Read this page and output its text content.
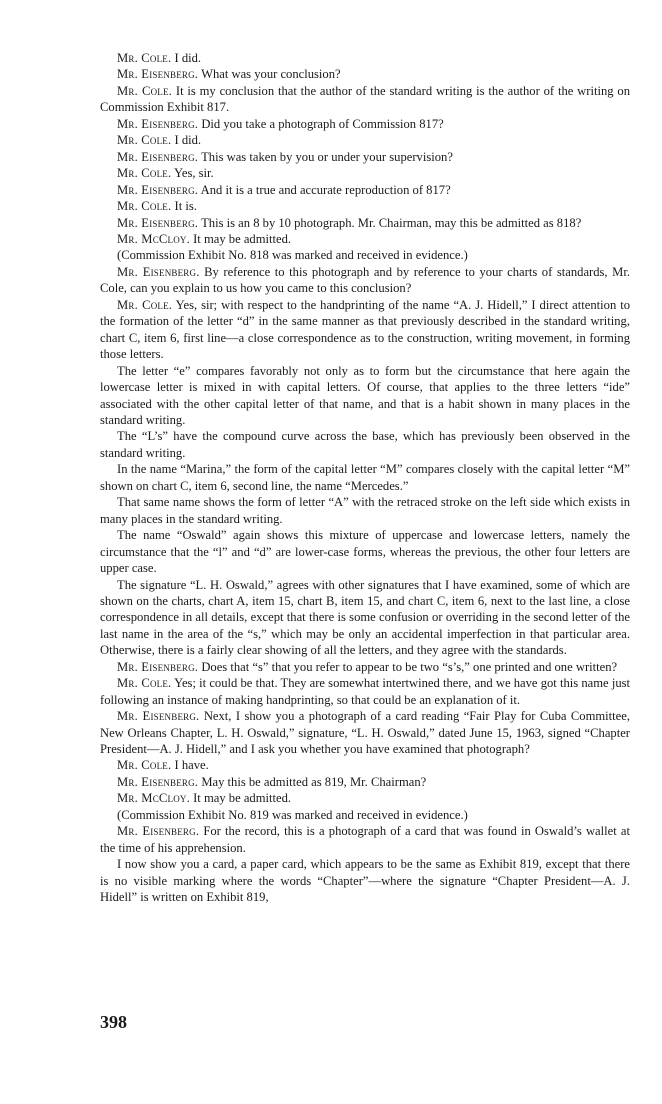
Mr. Cole. I did.

Mr. Eisenberg. What was your conclusion?

Mr. Cole. It is my conclusion that the author of the standard writing is the author of the writing on Commission Exhibit 817.

Mr. Eisenberg. Did you take a photograph of Commission 817?

Mr. Cole. I did.

Mr. Eisenberg. This was taken by you or under your supervision?

Mr. Cole. Yes, sir.

Mr. Eisenberg. And it is a true and accurate reproduction of 817?

Mr. Cole. It is.

Mr. Eisenberg. This is an 8 by 10 photograph. Mr. Chairman, may this be admitted as 818?

Mr. McCloy. It may be admitted.

(Commission Exhibit No. 818 was marked and received in evidence.)

Mr. Eisenberg. By reference to this photograph and by reference to your charts of standards, Mr. Cole, can you explain to us how you came to this conclusion?

Mr. Cole. Yes, sir; with respect to the handprinting of the name “A. J. Hidell,” I direct attention to the formation of the letter “d” in the same manner as that previously described in the standard writing, chart C, item 6, first line—a close correspondence as to the construction, writing movement, in forming those letters.

The letter “e” compares favorably not only as to form but the circumstance that here again the lowercase letter is mixed in with capital letters. Of course, that applies to the three letters “ide” associated with the other capital letter of that name, and that is a habit shown in many places in the standard writing.

The “L’s” have the compound curve across the base, which has previously been observed in the standard writing.

In the name “Marina,” the form of the capital letter “M” compares closely with the capital letter “M” shown on chart C, item 6, second line, the name “Mercedes.”

That same name shows the form of letter “A” with the retraced stroke on the left side which exists in many places in the standard writing.

The name “Oswald” again shows this mixture of uppercase and lowercase letters, namely the circumstance that the “l” and “d” are lower-case forms, whereas the previous, the other four letters are upper case.

The signature “L. H. Oswald,” agrees with other signatures that I have examined, some of which are shown on the charts, chart A, item 15, chart B, item 15, and chart C, item 6, next to the last line, a close correspondence in all details, except that there is some confusion or overriding in the second letter of the last name in the area of the “s,” which may be only an accidental imperfection in that particular area. Otherwise, there is a fairly clear showing of all the letters, and they agree with the standards.

Mr. Eisenberg. Does that “s” that you refer to appear to be two “s’s,” one printed and one written?

Mr. Cole. Yes; it could be that. They are somewhat intertwined there, and we have got this name just following an instance of making handprinting, so that could be an explanation of it.

Mr. Eisenberg. Next, I show you a photograph of a card reading “Fair Play for Cuba Committee, New Orleans Chapter, L. H. Oswald,” signature, “L. H. Oswald,” dated June 15, 1963, signed “Chapter President—A. J. Hidell,” and I ask you whether you have examined that photograph?

Mr. Cole. I have.

Mr. Eisenberg. May this be admitted as 819, Mr. Chairman?

Mr. McCloy. It may be admitted.

(Commission Exhibit No. 819 was marked and received in evidence.)

Mr. Eisenberg. For the record, this is a photograph of a card that was found in Oswald’s wallet at the time of his apprehension.

I now show you a card, a paper card, which appears to be the same as Exhibit 819, except that there is no visible marking where the words “Chapter”—where the signature “Chapter President—A. J. Hidell” is written on Exhibit 819,

398
